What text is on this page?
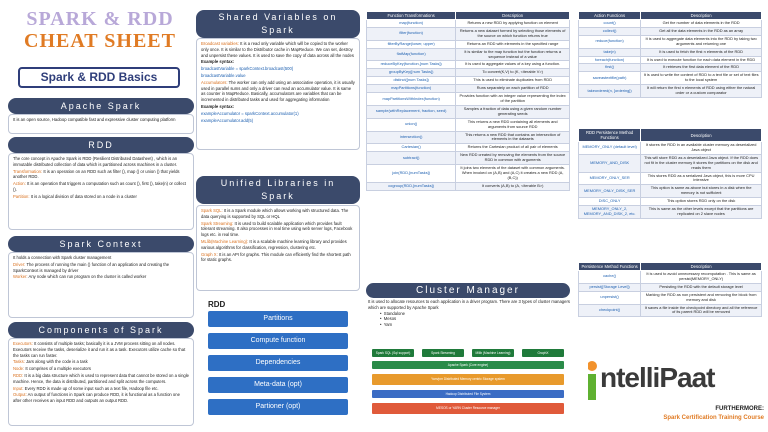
SPARK & RDD
CHEAT SHEET
Spark & RDD Basics
Apache Spark

It is an open source, Hadoop compatible fast and expressive cluster computing platform

RDD

The core concept in Apache Spark is RDD (Resilient Distributed Datasheet) , which is an immutable distributed collection of data which is partitioned across machines in a cluster.

Transformation: It is an operation on an RDD such as filter (), map () or union () that yields another RDD.

Action: It is an operation that triggers a computation such as count (), first (), take(n) or collect ().

Partition: It is a logical division of data stored on a node in a cluster

Spark Context

It holds a connection with Spark cluster management

Driver: The process of running the main () function of an application and creating the SparkContext is managed by driver

Worker: Any node which can run program on the cluster is called worker

Components of Spark

Executors: It consists of multiple tasks; basically it is a JVM process sitting on all nodes. Executors receive the tasks, deserialize it and run it as a task. Executors utilize cache so that the tasks can run faster.

Tasks: Jars along with the code is a task

Node: It comprises of a multiple executors

RDD: It is a big data structure which is used to represent data that cannot be stored on a single machine. Hence, the data is distributed, partitioned and split across the computers.

Input: Every RDD is made up of some input such as a text file, Hadoop file etc.

Output: An output of functions in Spark can produce RDD, it is functional as a function one after other receives an input RDD and outputs an output RDD.

Shared Variables on
Spark

Broadcast variables: It is a read only variable which will be copied to the worker only once. It is similar to the Distributor cache in MapReduce. We can set, destroy and unpersist these values. It is used to save the copy of data across all the nodes

Example syntax:

broadcastVariable = sparkContext.broadcast(500)

broadcastVariable.value

Accumulators: The worker can only add using an associative operation, it is usually used in parallel sums and only a driver can read an accumulator value. It is same as counter in MapReduce. Basically, accumulators are variables that can be incremented in distributed tasks and used for aggregating information

Example syntax:

exampleAccumulator = sparkContext.accumulator(1)

exampleAccumulator.add(5)

Unified Libraries in
Spark

Spark SQL: It is a Spark module which allows working with structured data. The data querying is supported by SQL or HQL

Spark Streaming: It is used to build scalable application which provides fault tolerant streaming. It also processes in real time using web server logs, Facebook logs etc. in real time.

MLlib(Machine Learning): It is a scalable machine learning library and provides various algorithms for classification, regression, clustering etc.

Graph X: It is an API for graphs. This module can efficiently find the shortest path for static graphs.

RDD
Partitions
Compute function
Dependencies
Meta-data (opt)
Partioner (opt)
Function Transformations	Description
map(function)	Returns a new RDD by applying function on element
filter(function)	Returns a new dataset formed by selecting those elements of the source on which function returns true
filterByRange(lower, upper)	Returns an RDD with elements in the specified range
flatMap(function)	It is similar to the map function but the function returns a sequence instead of a value
reduceByKey(function,[num Tasks])	It is used to aggregate values of a key using a function.
groupByKey([num Tasks])	To convert(K,V) to (K, <iterable V>)
distinct([num Tasks])	This is used to eliminate duplicates from RDD
mapPartitions(function)	Runs separately on each partition of RDD
mapPartitionsWithIndex(function)	Provides function with an integer value representing the index of the partition
sample(withReplacement, fraction, seed)	Samples a fraction of data using a given random number generating seeds
union()	This returns a new RDD containing all elements and arguments from source RDD
intersection()	This returns a new RDD that contains an intersection of elements in the datasets
Cartesian()	Returns the Cartesian product of all pair of elements
subtract()	New RDD created by removing the elements from the source RDD in common with arguments
join(RDD,[numTasks])	It joins two elements of the dataset with common arguments. When invoked on (A,B) and (A,C) it creates a new RDD (A,(B,C))
cogroup(RDD,[numTasks])	It converts (A,B) to (A, <iterable B>)
Cluster Manager

It is used to allocate resources to each application in a driver program. There are 3 types of cluster managers which are supported by Apache Spark

•  Standalone

•  Mesos

•  Yarn

Spark SQL (Sql support)	Spark Streaming	Mllib (Machine Learning)	GraphX
Apache Spark (Core engine)
Yarn/pm Distributed Memory centric Storage system
Hadoop Distributed File System
MESOS or YARN Cluster Resource manager
Action Functions	Description
count()	Get the number of data elements in the RDD
collect()	Get all the data elements in the RDD as an array
reduce(function)	It is used to aggregate data elements into the RDD by taking two arguments and returning one
take(n)	It is used to fetch the first n elements of the RDD
foreach(function)	It is used to execute function for each data element in the RDD
first()	It retrieves the first data element of the RDD
saveastextfile(path)	It is used to write the content of RDD to a text file or set of text files to the local system
takeordered(n, [ordering])	It will return the first n elements of RDD using either the natural order or a custom comparator
RDD Persistence Method Functions	Description
MEMORY_ONLY (default level)	It stores the RDD in an available cluster memory as deserialized Java object
MEMORY_AND_DISK	This will store RDD as a deserialized Java object. If the RDD does not fit in the cluster memory it stores the partitions on the disk and reads them
MEMORY_ONLY_SER	This stores RDD as a serialized Java object, this is more CPU intensive
MEMORY_ONLY_DISK_SER	This option is same as above but stores in a disk when the memory is not sufficient
DISC_ONLY	This option stores RDD only on the disk
MEMORY_ONLY_2, MEMORY_AND_DISK_2, etc.	This is same as the other levels except that the partitions are replicated on 2 slave nodes
Persistence Method Functions	Description
cache()	It is used to avoid unnecessary recomputation . This is same as persist(MEMORY_ONLY)
persist([Storage Level])	Persisting the RDD with the default storage level
unpersist()	Marking the RDD as non persistent and removing the block from memory and disk
checkpoint()	It saves a file inside the checkpoint directory and all the reference of its parent RDD will be removed
ntelliPaat
FURTHERMORE:
Spark Certification Training Course
